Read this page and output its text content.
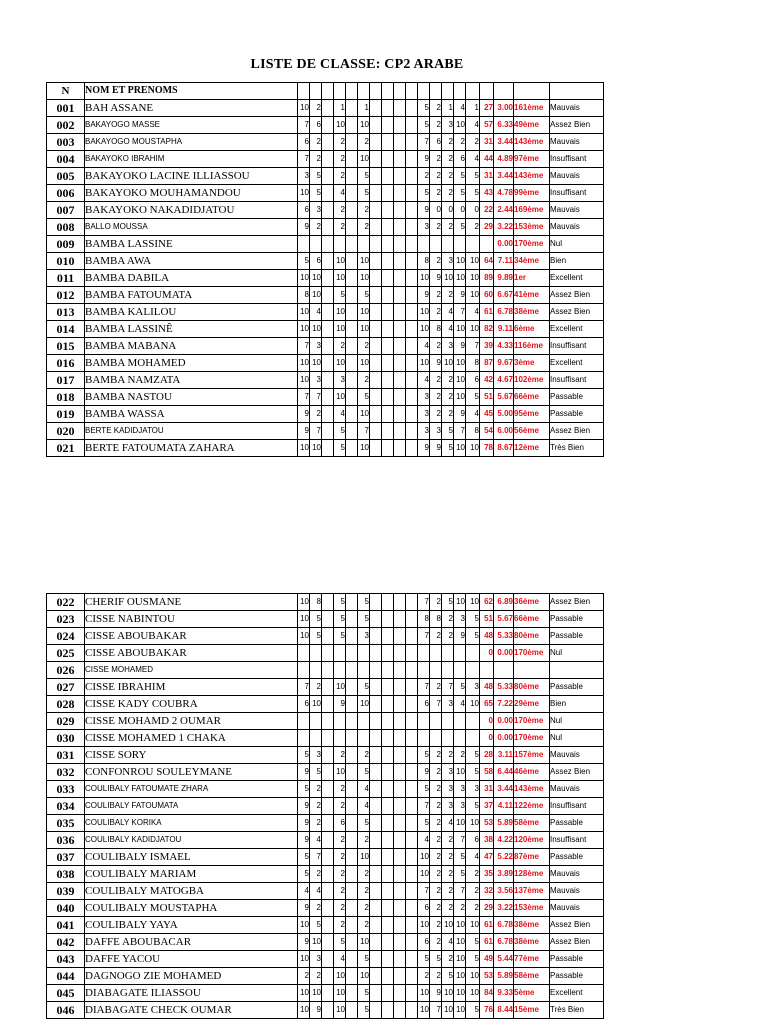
LISTE DE CLASSE: CP2 ARABE
N	NOM ET PRENOMS	

001	BAH ASSANE	10	2		1		1					5	2	1	4	1	27	3.00	161ème	Mauvais
002	BAKAYOGO MASSE	7	6		10		10					5	2	3	10	4	57	6.33	49ème	Assez Bien
003	BAKAYOGO MOUSTAPHA	6	2		2		2					7	6	2	2	2	31	3.44	143ème	Mauvais
004	BAKAYOKO IBRAHIM	7	2		2		10					9	2	2	6	4	44	4.89	97ème	Insuffisant
005	BAKAYOKO LACINE ILLIASSOU	3	5		2		5					2	2	2	5	5	31	3.44	143ème	Mauvais
006	BAKAYOKO MOUHAMANDOU	10	5		4		5					5	2	2	5	5	43	4.78	99ème	Insuffisant
007	BAKAYOKO NAKADIDJATOU	6	3		2		2					9	0	0	0	0	22	2.44	169ème	Mauvais
008	BALLO MOUSSA	9	2		2		2					3	2	2	5	2	29	3.22	153ème	Mauvais
009	BAMBA LASSINE																	0.00	170ème	Nul
010	BAMBA AWA	5	6		10		10					8	2	3	10	10	64	7.11	34ème	Bien
011	BAMBA DABILA	10	10		10		10					10	9	10	10	10	89	9.89	1er	Excellent
012	BAMBA FATOUMATA	8	10		5		5					9	2	2	9	10	60	6.67	41ème	Assez Bien
013	BAMBA KALILOU	10	4		10		10					10	2	4	7	4	61	6.78	38ème	Assez Bien
014	BAMBA LASSINÊ	10	10		10		10					10	8	4	10	10	82	9.11	6ème	Excellent
015	BAMBA MABANA	7	3		2		2					4	2	3	9	7	39	4.33	116ème	Insuffisant
016	BAMBA MOHAMED	10	10		10		10					10	9	10	10	8	87	9.67	3ème	Excellent
017	BAMBA NAMZATA	10	3		3		2					4	2	2	10	6	42	4.67	102ème	Insuffisant
018	BAMBA NASTOU	7	7		10		5					3	2	2	10	5	51	5.67	66ème	Passable
019	BAMBA WASSA	9	2		4		10					3	2	2	9	4	45	5.00	95ème	Passable
020	BERTE KADIDJATOU	9	7		5		7					3	3	5	7	8	54	6.00	56ème	Assez Bien
021	BERTE FATOUMATA ZAHARA	10	10		5		10					9	9	5	10	10	78	8.67	12ème	Très Bien
022	CHERIF OUSMANE	10	8		5		5					7	2	5	10	10	62	6.89	36ème	Assez Bien
023	CISSE NABINTOU	10	5		5		5					8	8	2	3	5	51	5.67	66ème	Passable
024	CISSE ABOUBAKAR	10	5		5		3					7	2	2	9	5	48	5.33	80ème	Passable
025	CISSE ABOUBAKAR																0	0.00	170ème	Nul
026	CISSE MOHAMED																			
027	CISSE IBRAHIM	7	2		10		5					7	2	7	5	3	48	5.33	80ème	Passable
028	CISSE KADY COUBRA	6	10		9		10					6	7	3	4	10	65	7.22	29ème	Bien
029	CISSE MOHAMD 2 OUMAR																0	0.00	170ème	Nul
030	CISSE MOHAMED 1 CHAKA																0	0.00	170ème	Nul
031	CISSE SORY	5	3		2		2					5	2	2	2	5	28	3.11	157ème	Mauvais
032	CONFONROU SOULEYMANE	9	5		10		5					9	2	3	10	5	58	6.44	46ème	Assez Bien
033	COULIBALY FATOUMATE ZHARA	5	2		2		4					5	2	3	3	3	31	3.44	143ème	Mauvais
034	COULIBALY FATOUMATA	9	2		2		4					7	2	3	3	5	37	4.11	122ème	Insuffisant
035	COULIBALY KORIKA	9	2		6		5					5	2	4	10	10	53	5.89	58ème	Passable
036	COULIBALY KADIDJATOU	9	4		2		2					4	2	2	7	6	38	4.22	120ème	Insuffisant
037	COULIBALY ISMAEL	5	7		2		10					10	2	2	5	4	47	5.22	87ème	Passable
038	COULIBALY MARIAM	5	2		2		2					10	2	2	5	2	35	3.89	128ème	Mauvais
039	COULIBALY MATOGBA	4	4		2		2					7	2	2	7	2	32	3.56	137ème	Mauvais
040	COULIBALY MOUSTAPHA	9	2		2		2					6	2	2	2	2	29	3.22	153ème	Mauvais
041	COULIBALY YAYA	10	5		2		2					10	2	10	10	10	61	6.78	38ème	Assez Bien
042	DAFFE ABOUBACAR	9	10		5		10					6	2	4	10	5	61	6.78	38ème	Assez Bien
043	DAFFE YACOU	10	3		4		5					5	5	2	10	5	49	5.44	77ème	Passable
044	DAGNOGO ZIE MOHAMED	2	2		10		10					2	2	5	10	10	53	5.89	58ème	Passable
045	DIABAGATE ILIASSOU	10	10		10		5					10	9	10	10	10	84	9.33	5ème	Excellent
046	DIABAGATE CHECK OUMAR	10	9		10		5					10	7	10	10	5	76	8.44	15ème	Très Bien
